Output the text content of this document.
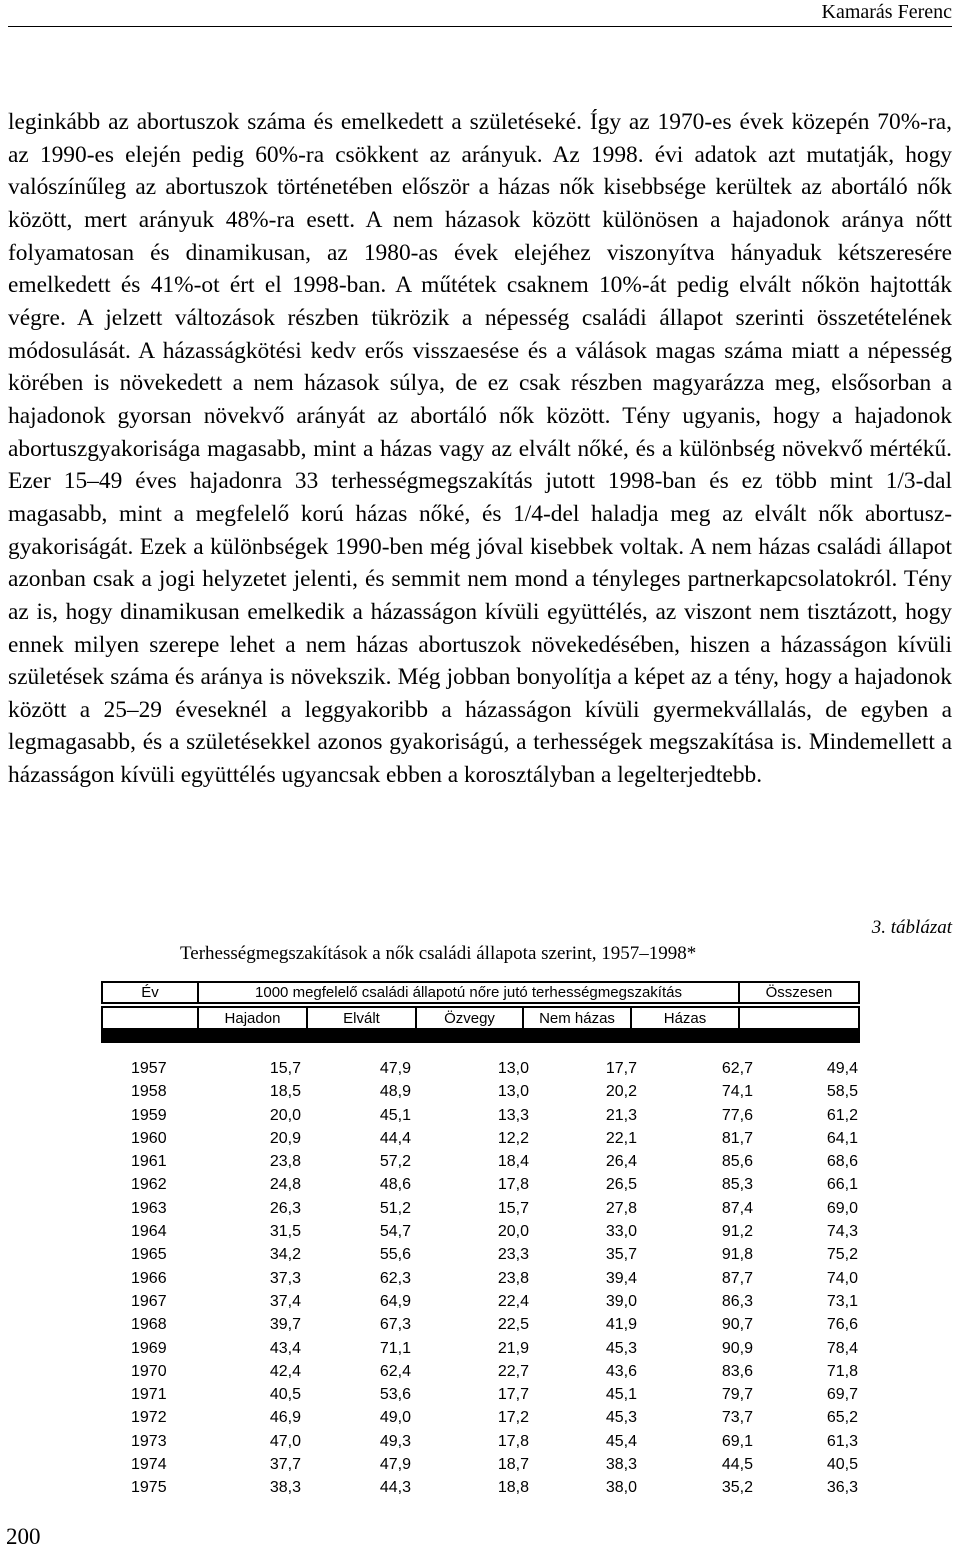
Kamarás Ferenc

leginkább az abortuszok száma és emelkedett a születéseké. Így az 1970-es évek közepén 70%-ra, az 1990-es elején pedig 60%-ra csökkent az arányuk. Az 1998. évi adatok azt mutatják, hogy valószínűleg az abortuszok történetében először a házas nők kisebbsége kerültek az abortáló nők között, mert arányuk 48%-ra esett. A nem házasok között különösen a hajadonok aránya nőtt folyamatosan és dinamikusan, az 1980-as évek elejéhez viszonyítva hányaduk kétszeresére emelkedett és 41%-ot ért el 1998-ban. A műtétek csaknem 10%-át pedig elvált nőkön hajtották végre. A jelzett változások részben tükrözik a népesség családi állapot szerinti összetételének módosulását. A házasságkötési kedv erős visszaesése és a válások magas száma miatt a népesség körében is növekedett a nem házasok súlya, de ez csak részben magyarázza meg, elsősorban a hajadonok gyorsan növekvő arányát az abortáló nők között. Tény ugyanis, hogy a hajadonok abortuszgyakorisága magasabb, mint a házas vagy az elvált nőké, és a különbség növekvő mértékű. Ezer 15–49 éves hajadonra 33 terhességmegszakítás jutott 1998-ban és ez több mint 1/3-dal magasabb, mint a megfelelő korú házas nőké, és 1/4-del haladja meg az elvált nők abortusz-gyakoriságát. Ezek a különbségek 1990-ben még jóval kisebbek voltak. A nem házas családi állapot azonban csak a jogi helyzetet jelenti, és semmit nem mond a tényleges partnerkapcsolatokról. Tény az is, hogy dinamikusan emelkedik a házasságon kívüli együttélés, az viszont nem tisztázott, hogy ennek milyen szerepe lehet a nem házas abortuszok növekedésében, hiszen a házasságon kívüli születések száma és aránya is növekszik. Még jobban bonyolítja a képet az a tény, hogy a hajadonok között a 25–29 éveseknél a leggyakoribb a házasságon kívüli gyermekvállalás, de egyben a legmagasabb, és a születésekkel azonos gyakoriságú, a terhességek megszakítása is. Mindemellett a házasságon kívüli együttélés ugyancsak ebben a korosztályban a legelterjedtebb.

3. táblázat
Terhességmegszakítások a nők családi állapota szerint, 1957–1998*
Év	1000 megfelelő családi állapotú nőre jutó terhességmegszakítás	Összesen
Hajadon	Elvált	Özvegy	Nem házas	Házas
1957	15,7	47,9	13,0	17,7	62,7	49,4
1958	18,5	48,9	13,0	20,2	74,1	58,5
1959	20,0	45,1	13,3	21,3	77,6	61,2
1960	20,9	44,4	12,2	22,1	81,7	64,1
1961	23,8	57,2	18,4	26,4	85,6	68,6
1962	24,8	48,6	17,8	26,5	85,3	66,1
1963	26,3	51,2	15,7	27,8	87,4	69,0
1964	31,5	54,7	20,0	33,0	91,2	74,3
1965	34,2	55,6	23,3	35,7	91,8	75,2
1966	37,3	62,3	23,8	39,4	87,7	74,0
1967	37,4	64,9	22,4	39,0	86,3	73,1
1968	39,7	67,3	22,5	41,9	90,7	76,6
1969	43,4	71,1	21,9	45,3	90,9	78,4
1970	42,4	62,4	22,7	43,6	83,6	71,8
1971	40,5	53,6	17,7	45,1	79,7	69,7
1972	46,9	49,0	17,2	45,3	73,7	65,2
1973	47,0	49,3	17,8	45,4	69,1	61,3
1974	37,7	47,9	18,7	38,3	44,5	40,5
1975	38,3	44,3	18,8	38,0	35,2	36,3
200
